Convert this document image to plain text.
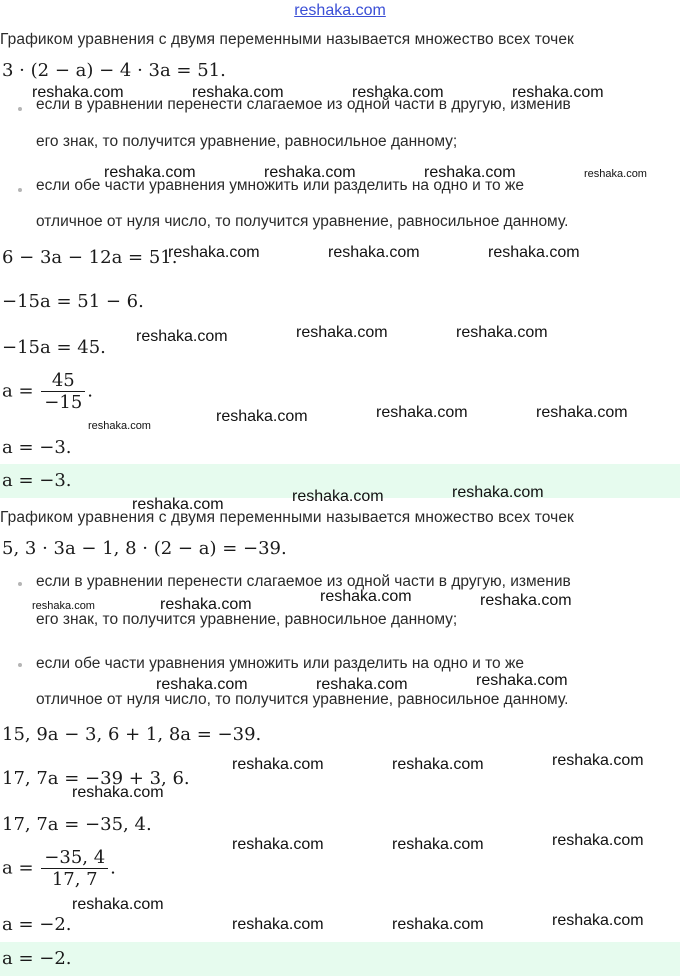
reshaka.com
Графиком уравнения с двумя переменными называется множество всех точек
3 · (2 − a) − 4 · 3a = 51.
если в уравнении перенести слагаемое из одной части в другую, изменив
его знак, то получится уравнение, равносильное данному;
если обе части уравнения умножить или разделить на одно и то же
отличное от нуля число, то получится уравнение, равносильное данному.
6 − 3a − 12a = 51.
−15a = 51 − 6.
−15a = 45.
$a = \frac{45}{-15}$ .
a = −3.
a = −3.
Графиком уравнения с двумя переменными называется множество всех точек
5, 3 · 3a − 1, 8 · (2 − a) = −39.
если в уравнении перенести слагаемое из одной части в другую, изменив
его знак, то получится уравнение, равносильное данному;
если обе части уравнения умножить или разделить на одно и то же
отличное от нуля число, то получится уравнение, равносильное данному.
15, 9a − 3, 6 + 1, 8a = −39.
17, 7a = −39 + 3, 6.
17, 7a = −35, 4.
$a = \frac{-35, 4}{17, 7}$ .
a = −2.
a = −2.
reshaka.com	reshaka.com	reshaka.com	reshaka.com
reshaka.com	reshaka.com	reshaka.com	reshaka.com
reshaka.com	reshaka.com	reshaka.com
reshaka.com	reshaka.com	reshaka.com
reshaka.com
reshaka.com	reshaka.com	reshaka.com
reshaka.com	reshaka.com	reshaka.com
reshaka.com	reshaka.com	reshaka.com	reshaka.com
reshaka.com	reshaka.com	reshaka.com
reshaka.com	reshaka.com	reshaka.com
reshaka.com
reshaka.com	reshaka.com	reshaka.com
reshaka.com
reshaka.com	reshaka.com	reshaka.com
